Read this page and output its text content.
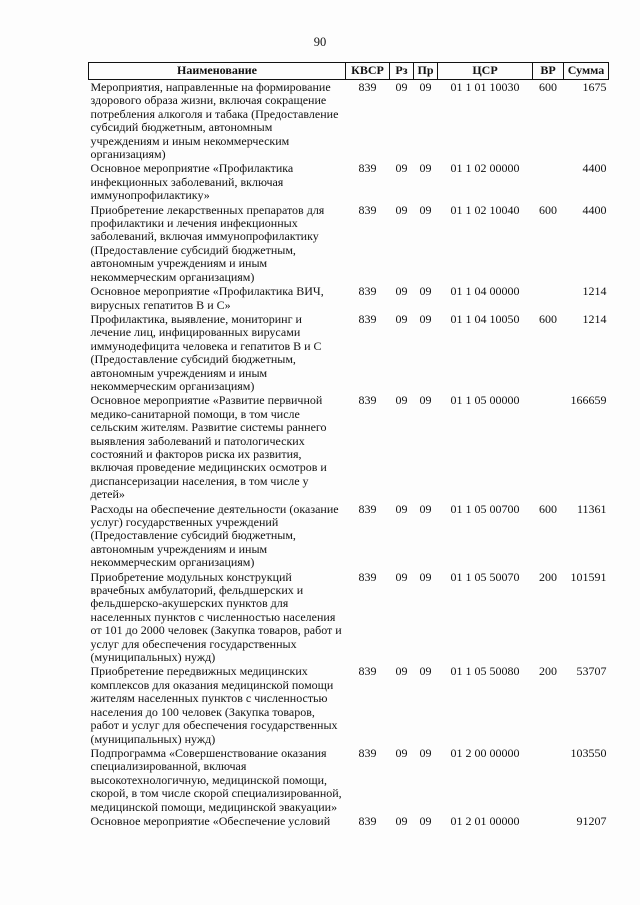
90
Наименование	КВСР	Рз	Пр	ЦСР	ВР	Сумма
Мероприятия, направленные на формирование здорового образа жизни, включая сокращение потребления алкоголя и табака (Предоставление субсидий бюджетным, автономным учреждениям и иным некоммерческим организациям)	839	09	09	01 1 01 10030	600	1675
Основное мероприятие «Профилактика инфекционных заболеваний, включая иммунопрофилактику»	839	09	09	01 1 02 00000		4400
Приобретение лекарственных препаратов для профилактики и лечения инфекционных заболеваний, включая иммунопрофилактику (Предоставление субсидий бюджетным, автономным учреждениям и иным некоммерческим организациям)	839	09	09	01 1 02 10040	600	4400
Основное мероприятие «Профилактика ВИЧ, вирусных гепатитов В и С»	839	09	09	01 1 04 00000		1214
Профилактика, выявление, мониторинг и лечение лиц, инфицированных вирусами иммунодефицита человека и гепатитов В и С (Предоставление субсидий бюджетным, автономным учреждениям и иным некоммерческим организациям)	839	09	09	01 1 04 10050	600	1214
Основное мероприятие «Развитие первичной медико-санитарной помощи, в том числе сельским жителям. Развитие системы раннего выявления заболеваний и патологических состояний и факторов риска их развития, включая проведение медицинских осмотров и диспансеризации населения, в том числе у детей»	839	09	09	01 1 05 00000		166659
Расходы на обеспечение деятельности (оказание услуг) государственных учреждений (Предоставление субсидий бюджетным, автономным учреждениям и иным некоммерческим организациям)	839	09	09	01 1 05 00700	600	11361
Приобретение модульных конструкций врачебных амбулаторий, фельдшерских и фельдшерско-акушерских пунктов для населенных пунктов с численностью населения от 101 до 2000 человек (Закупка товаров, работ и услуг для обеспечения государственных (муниципальных) нужд)	839	09	09	01 1 05 50070	200	101591
Приобретение передвижных медицинских комплексов для оказания медицинской помощи жителям населенных пунктов с численностью населения до 100 человек (Закупка товаров, работ и услуг для обеспечения государственных (муниципальных) нужд)	839	09	09	01 1 05 50080	200	53707
Подпрограмма «Совершенствование оказания специализированной, включая высокотехнологичную, медицинской помощи, скорой, в том числе скорой специализированной, медицинской помощи, медицинской эвакуации»	839	09	09	01 2 00 00000		103550
Основное мероприятие «Обеспечение условий	839	09	09	01 2 01 00000		91207
